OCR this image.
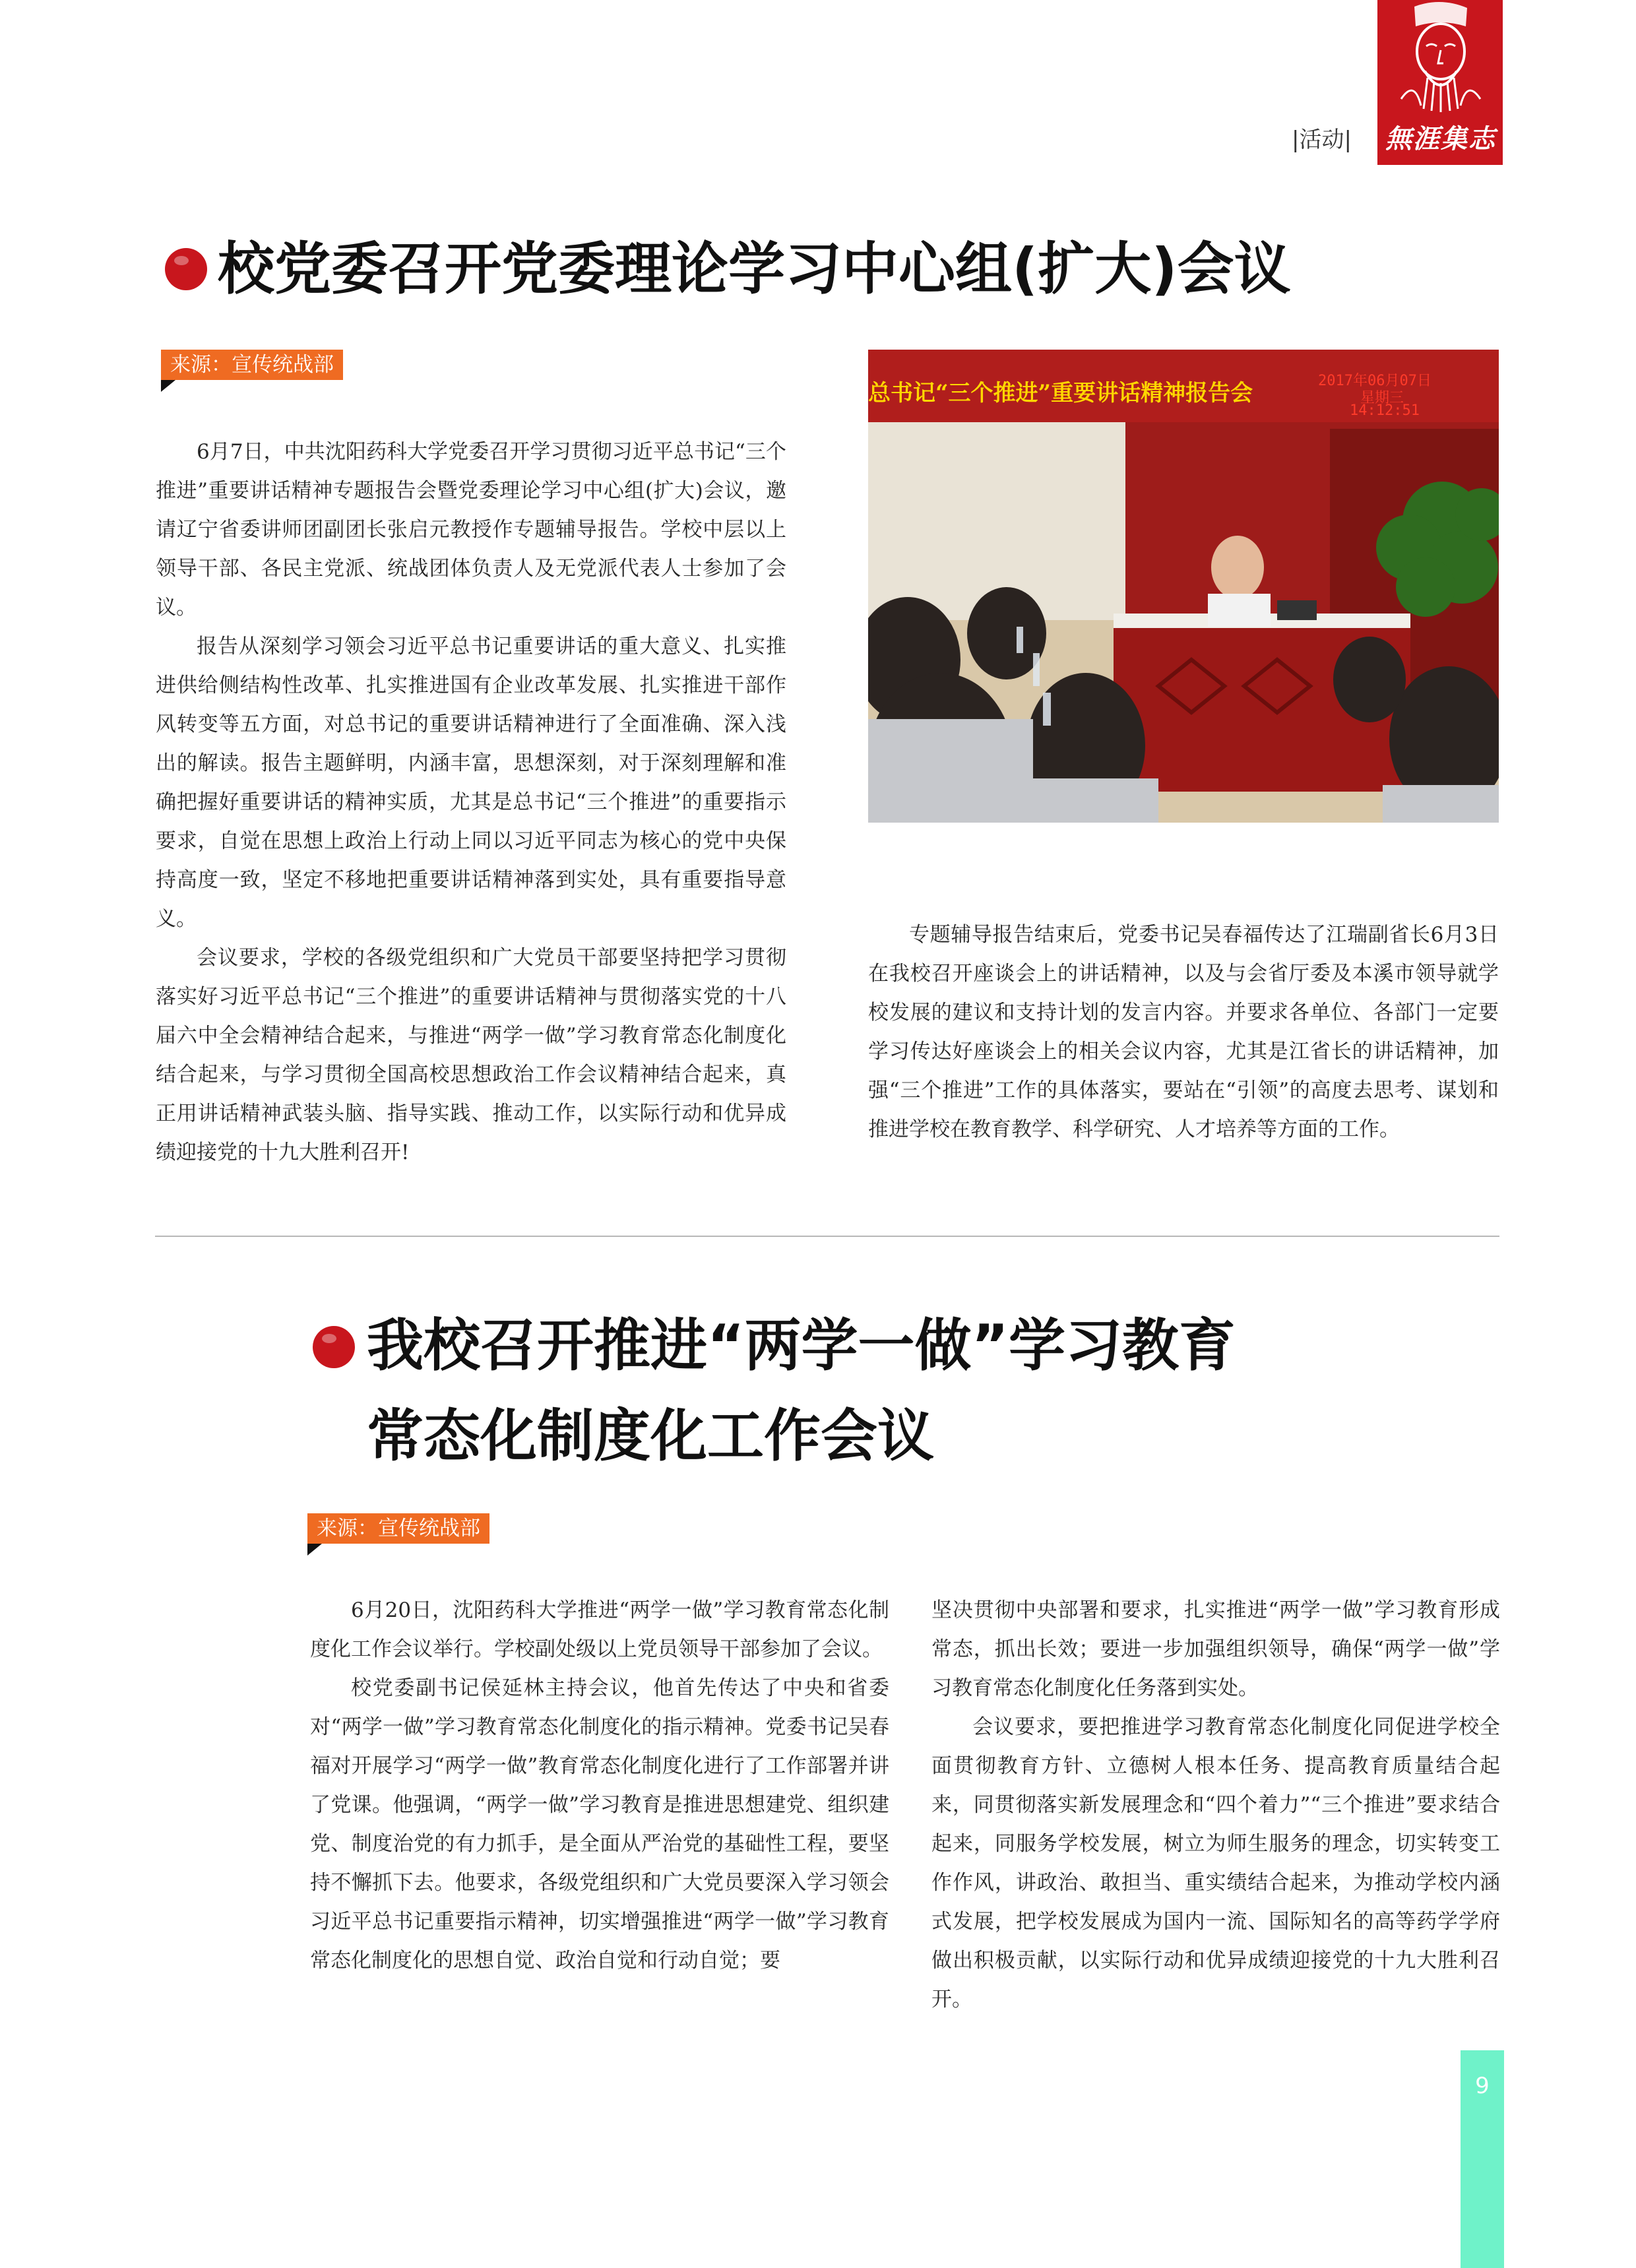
|活动| 無涯集志
校党委召开党委理论学习中心组(扩大)会议
来源：宣传统战部

6月7日，中共沈阳药科大学党委召开学习贯彻习近平总书记“三个推进”重要讲话精神专题报告会暨党委理论学习中心组(扩大)会议，邀请辽宁省委讲师团副团长张启元教授作专题辅导报告。学校中层以上领导干部、各民主党派、统战团体负责人及无党派代表人士参加了会议。

报告从深刻学习领会习近平总书记重要讲话的重大意义、扎实推进供给侧结构性改革、扎实推进国有企业改革发展、扎实推进干部作风转变等五方面，对总书记的重要讲话精神进行了全面准确、深入浅出的解读。报告主题鲜明，内涵丰富，思想深刻，对于深刻理解和准确把握好重要讲话的精神实质，尤其是总书记“三个推进”的重要指示要求，自觉在思想上政治上行动上同以习近平同志为核心的党中央保持高度一致，坚定不移地把重要讲话精神落到实处，具有重要指导意义。

会议要求，学校的各级党组织和广大党员干部要坚持把学习贯彻落实好习近平总书记“三个推进”的重要讲话精神与贯彻落实党的十八届六中全会精神结合起来，与推进“两学一做”学习教育常态化制度化结合起来，与学习贯彻全国高校思想政治工作会议精神结合起来，真正用讲话精神武装头脑、指导实践、推动工作，以实际行动和优异成绩迎接党的十九大胜利召开!

总书记“三个推进”重要讲话精神报告会	2017年06月07日
星期三
14:12:51

专题辅导报告结束后，党委书记吴春福传达了江瑞副省长6月3日在我校召开座谈会上的讲话精神，以及与会省厅委及本溪市领导就学校发展的建议和支持计划的发言内容。并要求各单位、各部门一定要学习传达好座谈会上的相关会议内容，尤其是江省长的讲话精神，加强“三个推进”工作的具体落实，要站在“引领”的高度去思考、谋划和推进学校在教育教学、科学研究、人才培养等方面的工作。

我校召开推进“两学一做”学习教育
常态化制度化工作会议
来源：宣传统战部

6月20日，沈阳药科大学推进“两学一做”学习教育常态化制度化工作会议举行。学校副处级以上党员领导干部参加了会议。

校党委副书记侯延林主持会议，他首先传达了中央和省委对“两学一做”学习教育常态化制度化的指示精神。党委书记吴春福对开展学习“两学一做”教育常态化制度化进行了工作部署并讲了党课。他强调，“两学一做”学习教育是推进思想建党、组织建党、制度治党的有力抓手，是全面从严治党的基础性工程，要坚持不懈抓下去。他要求，各级党组织和广大党员要深入学习领会习近平总书记重要指示精神，切实增强推进“两学一做”学习教育常态化制度化的思想自觉、政治自觉和行动自觉；要

坚决贯彻中央部署和要求，扎实推进“两学一做”学习教育形成常态，抓出长效；要进一步加强组织领导，确保“两学一做”学习教育常态化制度化任务落到实处。

会议要求，要把推进学习教育常态化制度化同促进学校全面贯彻教育方针、立德树人根本任务、提高教育质量结合起来，同贯彻落实新发展理念和“四个着力”“三个推进”要求结合起来，同服务学校发展，树立为师生服务的理念，切实转变工作作风，讲政治、敢担当、重实绩结合起来，为推动学校内涵式发展，把学校发展成为国内一流、国际知名的高等药学学府做出积极贡献，以实际行动和优异成绩迎接党的十九大胜利召开。

9
